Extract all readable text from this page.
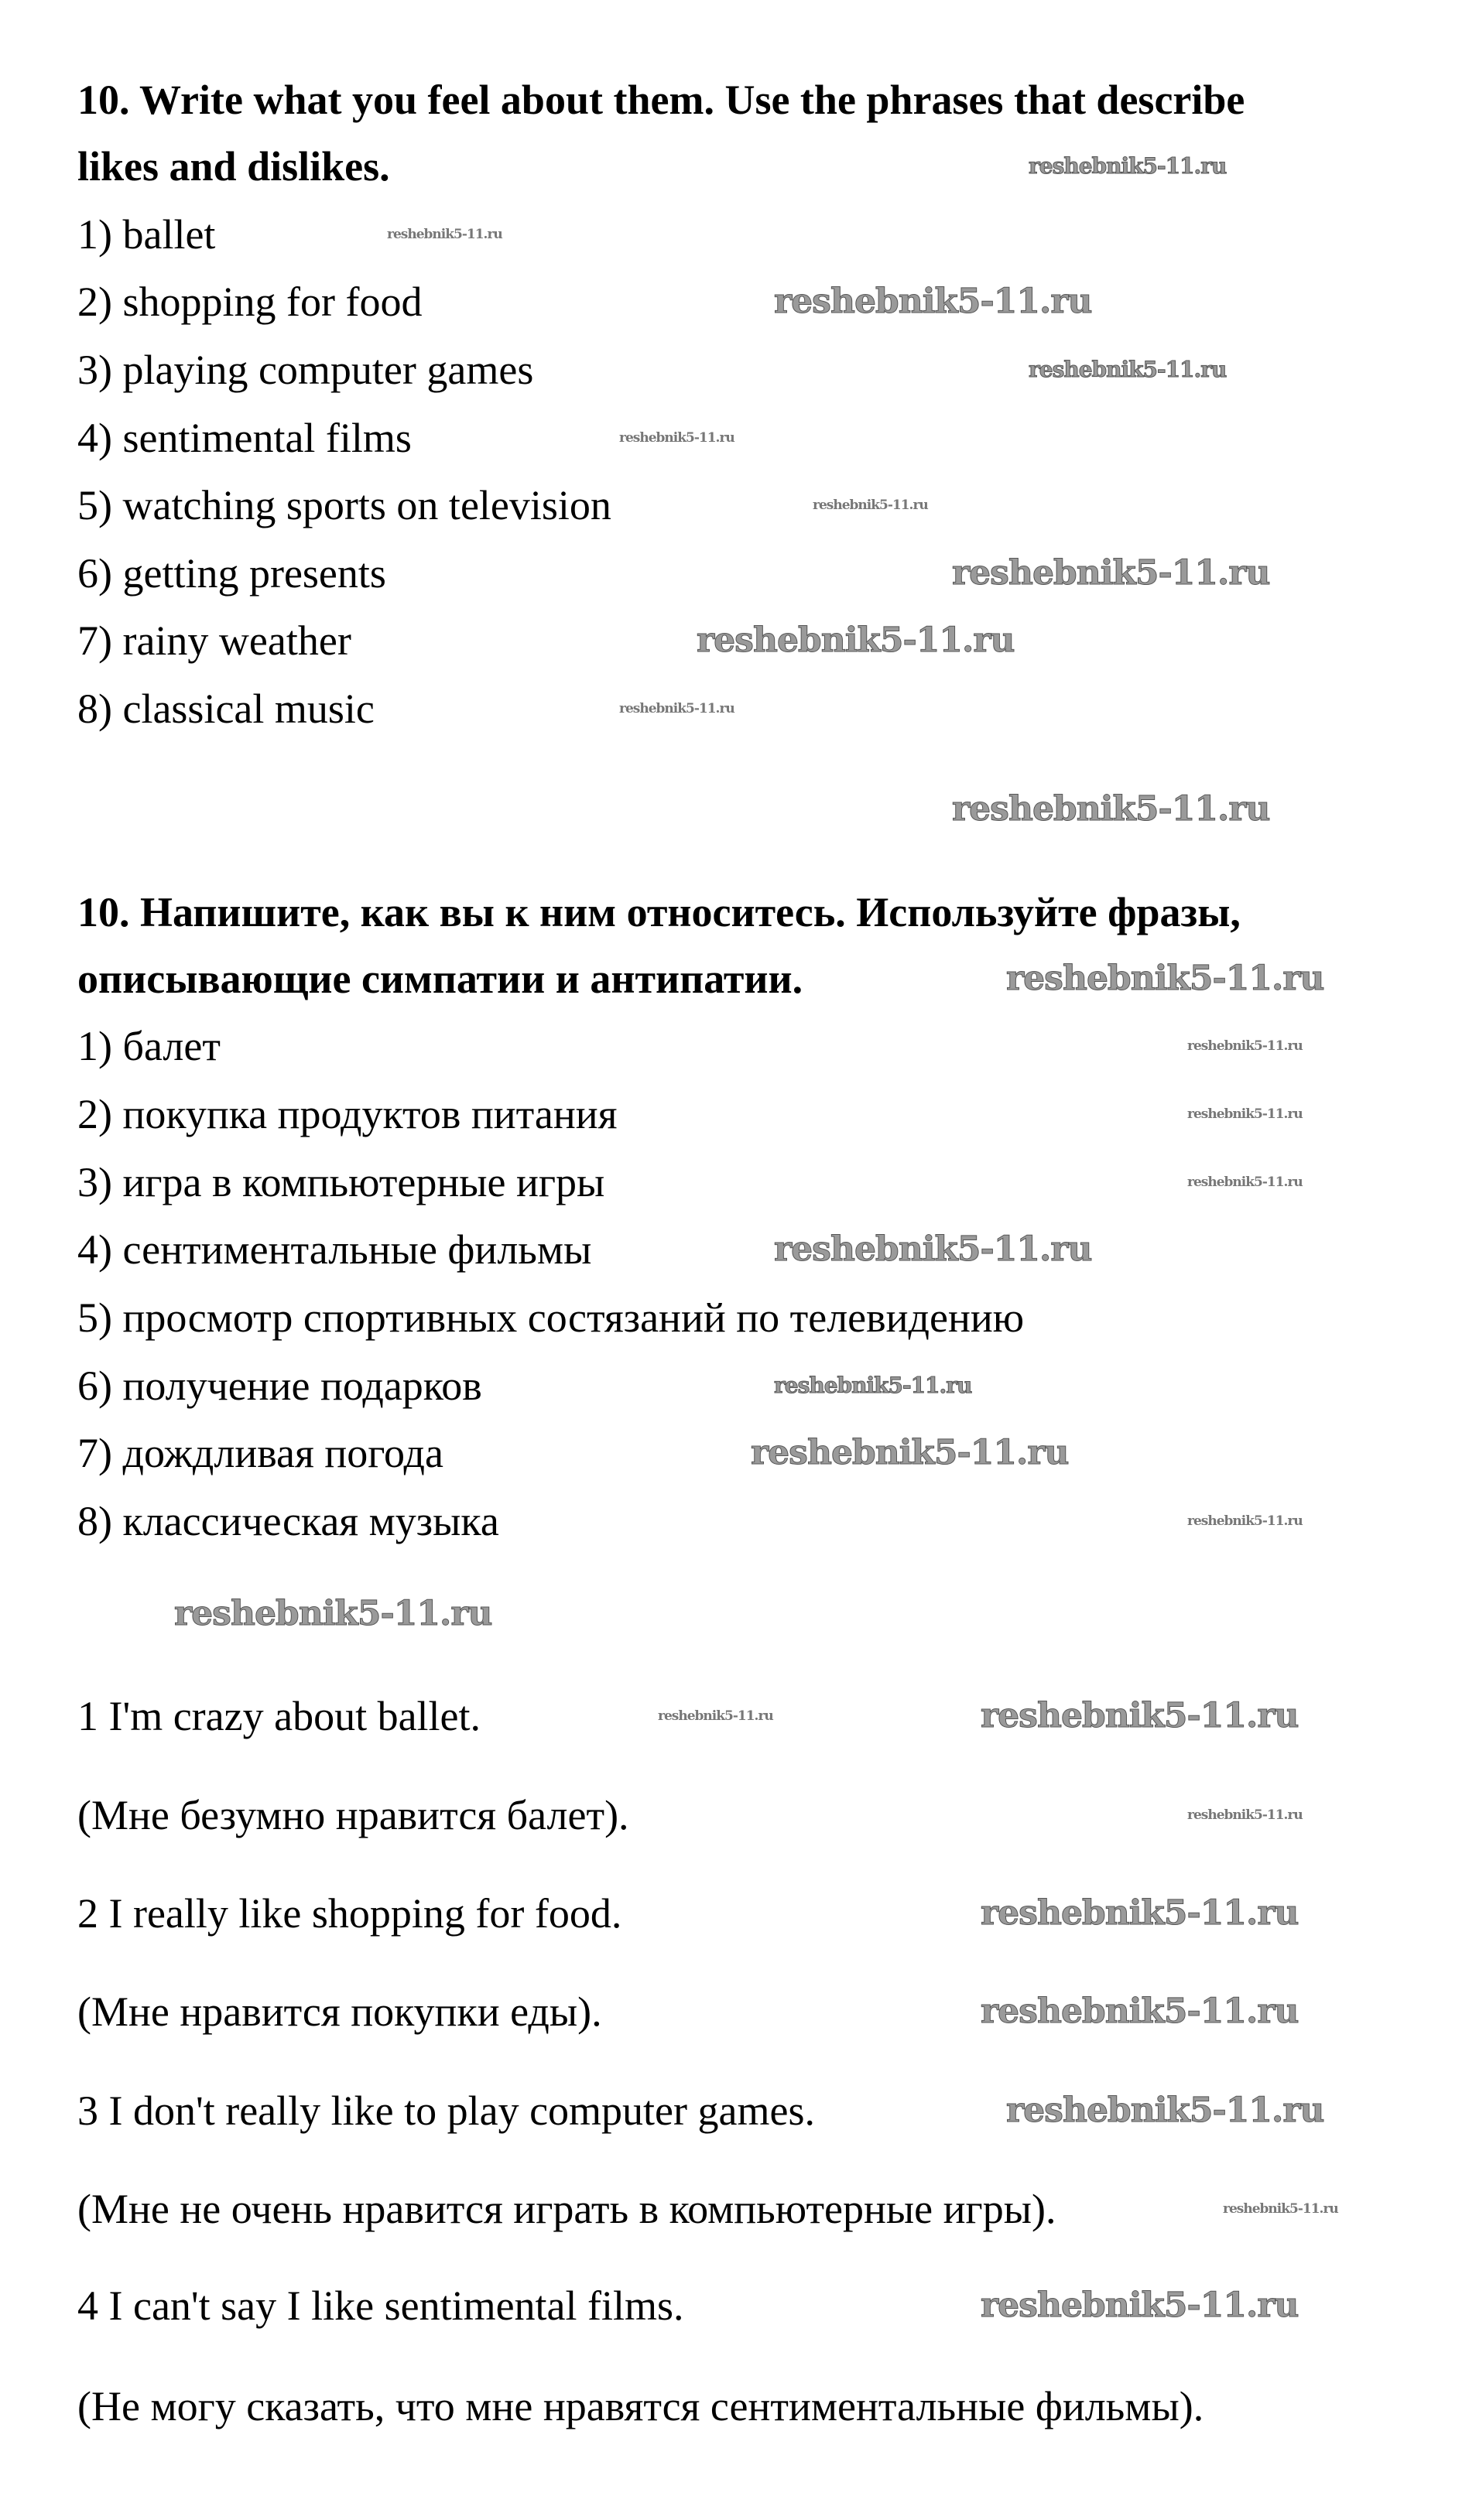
10. Write what you feel about them. Use the phrases that describe
likes and dislikes.
1) ballet
2) shopping for food
3) playing computer games
4) sentimental films
5) watching sports on television
6) getting presents
7) rainy weather
8) classical music
10. Напишите, как вы к ним относитесь. Используйте фразы,
описывающие симпатии и антипатии.
1) балет
2) покупка продуктов питания
3) игра в компьютерные игры
4) сентиментальные фильмы
5) просмотр спортивных состязаний по телевидению
6) получение подарков
7) дождливая погода
8) классическая музыка
1 I'm crazy about ballet.
(Мне безумно нравится балет).
2 I really like shopping for food.
(Мне нравится покупки еды).
3 I don't really like to play computer games.
(Мне не очень нравится играть в компьютерные игры).
4 I can't say I like sentimental films.
(Не могу сказать, что мне нравятся сентиментальные фильмы).
reshebnik5-11.ru
reshebnik5-11.ru
reshebnik5-11.ru
reshebnik5-11.ru
reshebnik5-11.ru
reshebnik5-11.ru
reshebnik5-11.ru
reshebnik5-11.ru
reshebnik5-11.ru
reshebnik5-11.ru
reshebnik5-11.ru
reshebnik5-11.ru
reshebnik5-11.ru
reshebnik5-11.ru
reshebnik5-11.ru
reshebnik5-11.ru
reshebnik5-11.ru
reshebnik5-11.ru
reshebnik5-11.ru
reshebnik5-11.ru
reshebnik5-11.ru
reshebnik5-11.ru
reshebnik5-11.ru
reshebnik5-11.ru
reshebnik5-11.ru
reshebnik5-11.ru
reshebnik5-11.ru
